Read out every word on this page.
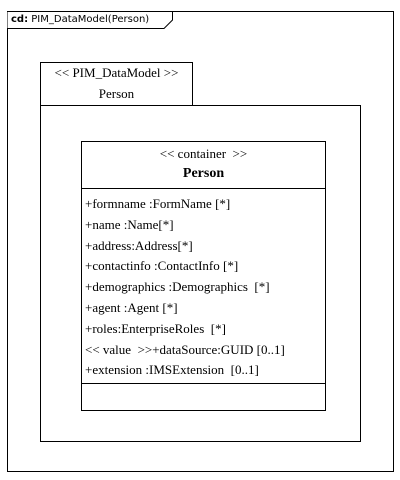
cd: PIM_DataModel(Person)
<< PIM_DataModel >>
Person
<< container  >>
Person
+formname :FormName [*]
+name :Name[*]
+address:Address[*]
+contactinfo :ContactInfo [*]
+demographics :Demographics  [*]
+agent :Agent [*]
+roles:EnterpriseRoles  [*]
<< value  >>+dataSource:GUID [0..1]
+extension :IMSExtension  [0..1]
